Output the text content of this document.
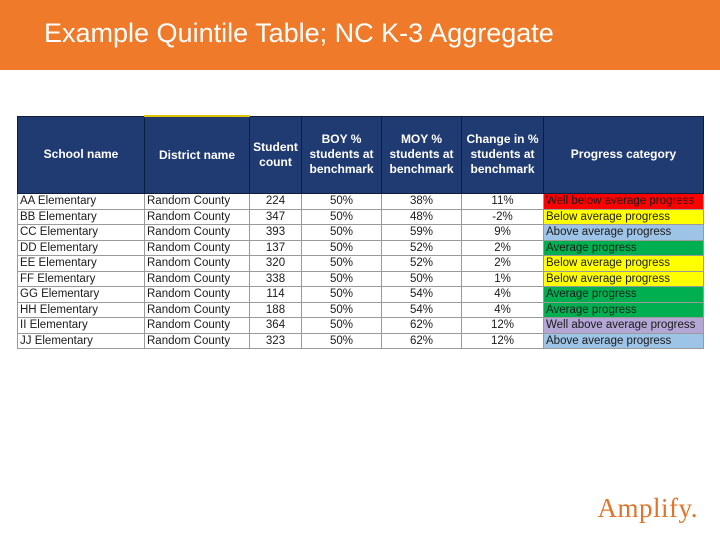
Example Quintile Table; NC K-3 Aggregate
School name	District name	Student count	BOY % students at benchmark	MOY % students at benchmark	Change in % students at benchmark	Progress category
AA Elementary	Random County	224	50%	38%	11%	Well below average progress
BB Elementary	Random County	347	50%	48%	-2%	Below average progress
CC Elementary	Random County	393	50%	59%	9%	Above average progress
DD Elementary	Random County	137	50%	52%	2%	Average progress
EE Elementary	Random County	320	50%	52%	2%	Below average progress
FF Elementary	Random County	338	50%	50%	1%	Below average progress
GG Elementary	Random County	114	50%	54%	4%	Average progress
HH Elementary	Random County	188	50%	54%	4%	Average progress
II Elementary	Random County	364	50%	62%	12%	Well above average progress
JJ Elementary	Random County	323	50%	62%	12%	Above average progress
Amplify.
